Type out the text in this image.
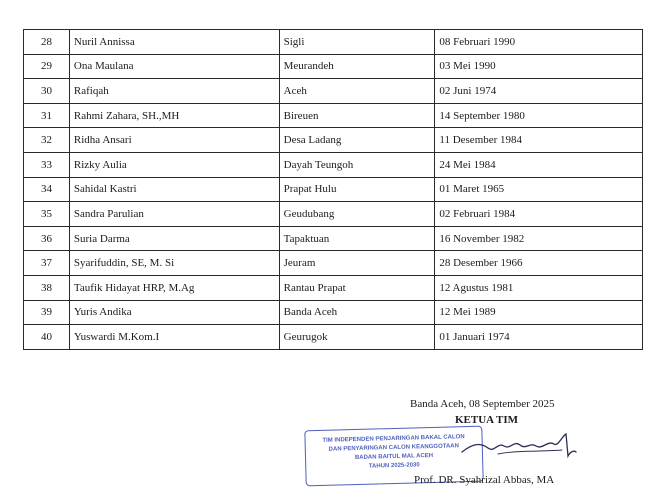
28	Nuril Annissa	Sigli	08 Februari 1990
29	Ona Maulana	Meurandeh	03 Mei 1990
30	Rafiqah	Aceh	02 Juni 1974
31	Rahmi Zahara, SH.,MH	Bireuen	14 September 1980
32	Ridha Ansari	Desa Ladang	11 Desember 1984
33	Rizky Aulia	Dayah Teungoh	24 Mei 1984
34	Sahidal Kastri	Prapat Hulu	01 Maret 1965
35	Sandra Parulian	Geudubang	02 Februari 1984
36	Suria Darma	Tapaktuan	16 November 1982
37	Syarifuddin, SE, M. Si	Jeuram	28 Desember 1966
38	Taufik Hidayat HRP, M.Ag	Rantau Prapat	12 Agustus 1981
39	Yuris Andika	Banda Aceh	12 Mei 1989
40	Yuswardi M.Kom.I	Geurugok	01 Januari 1974
Banda Aceh, 08 September 2025
KETUA TIM
TIM INDEPENDEN PENJARINGAN BAKAL CALON
DAN PENYARINGAN CALON KEANGGOTAAN
BADAN BAITUL MAL ACEH
TAHUN 2025-2030
Prof. DR. Syahrizal Abbas, MA
